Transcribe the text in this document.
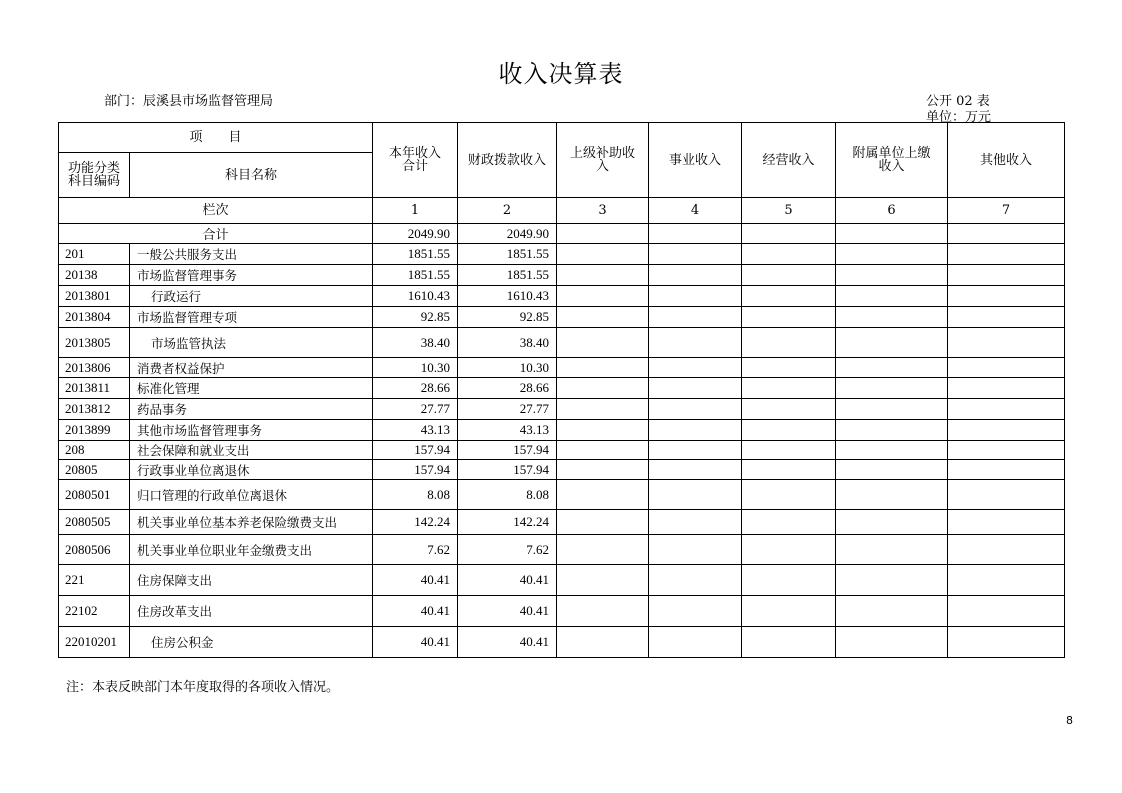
收入决算表
部门：辰溪县市场监督管理局	公开 02 表
单位：万元
项　　目		本年收入合计	财政拨款收入	上级补助收入	事业收入	经营收入	附属单位上缴收入	其他收入

功能分类科目编码	科目名称							
栏次		1	2	3	4	5	6	7
合计		2049.90	2049.90					
201	一般公共服务支出	1851.55	1851.55					
20138	市场监督管理事务	1851.55	1851.55					
2013801	行政运行	1610.43	1610.43					
2013804	市场监督管理专项	92.85	92.85					
2013805	市场监管执法	38.40	38.40					
2013806	消费者权益保护	10.30	10.30					
2013811	标准化管理	28.66	28.66					
2013812	药品事务	27.77	27.77					
2013899	其他市场监督管理事务	43.13	43.13					
208	社会保障和就业支出	157.94	157.94					
20805	行政事业单位离退休	157.94	157.94					
2080501	归口管理的行政单位离退休	8.08	8.08					
2080505	机关事业单位基本养老保险缴费支出	142.24	142.24					
2080506	机关事业单位职业年金缴费支出	7.62	7.62					
221	住房保障支出	40.41	40.41					
22102	住房改革支出	40.41	40.41					
22010201	住房公积金	40.41	40.41					
注：本表反映部门本年度取得的各项收入情况。
8
